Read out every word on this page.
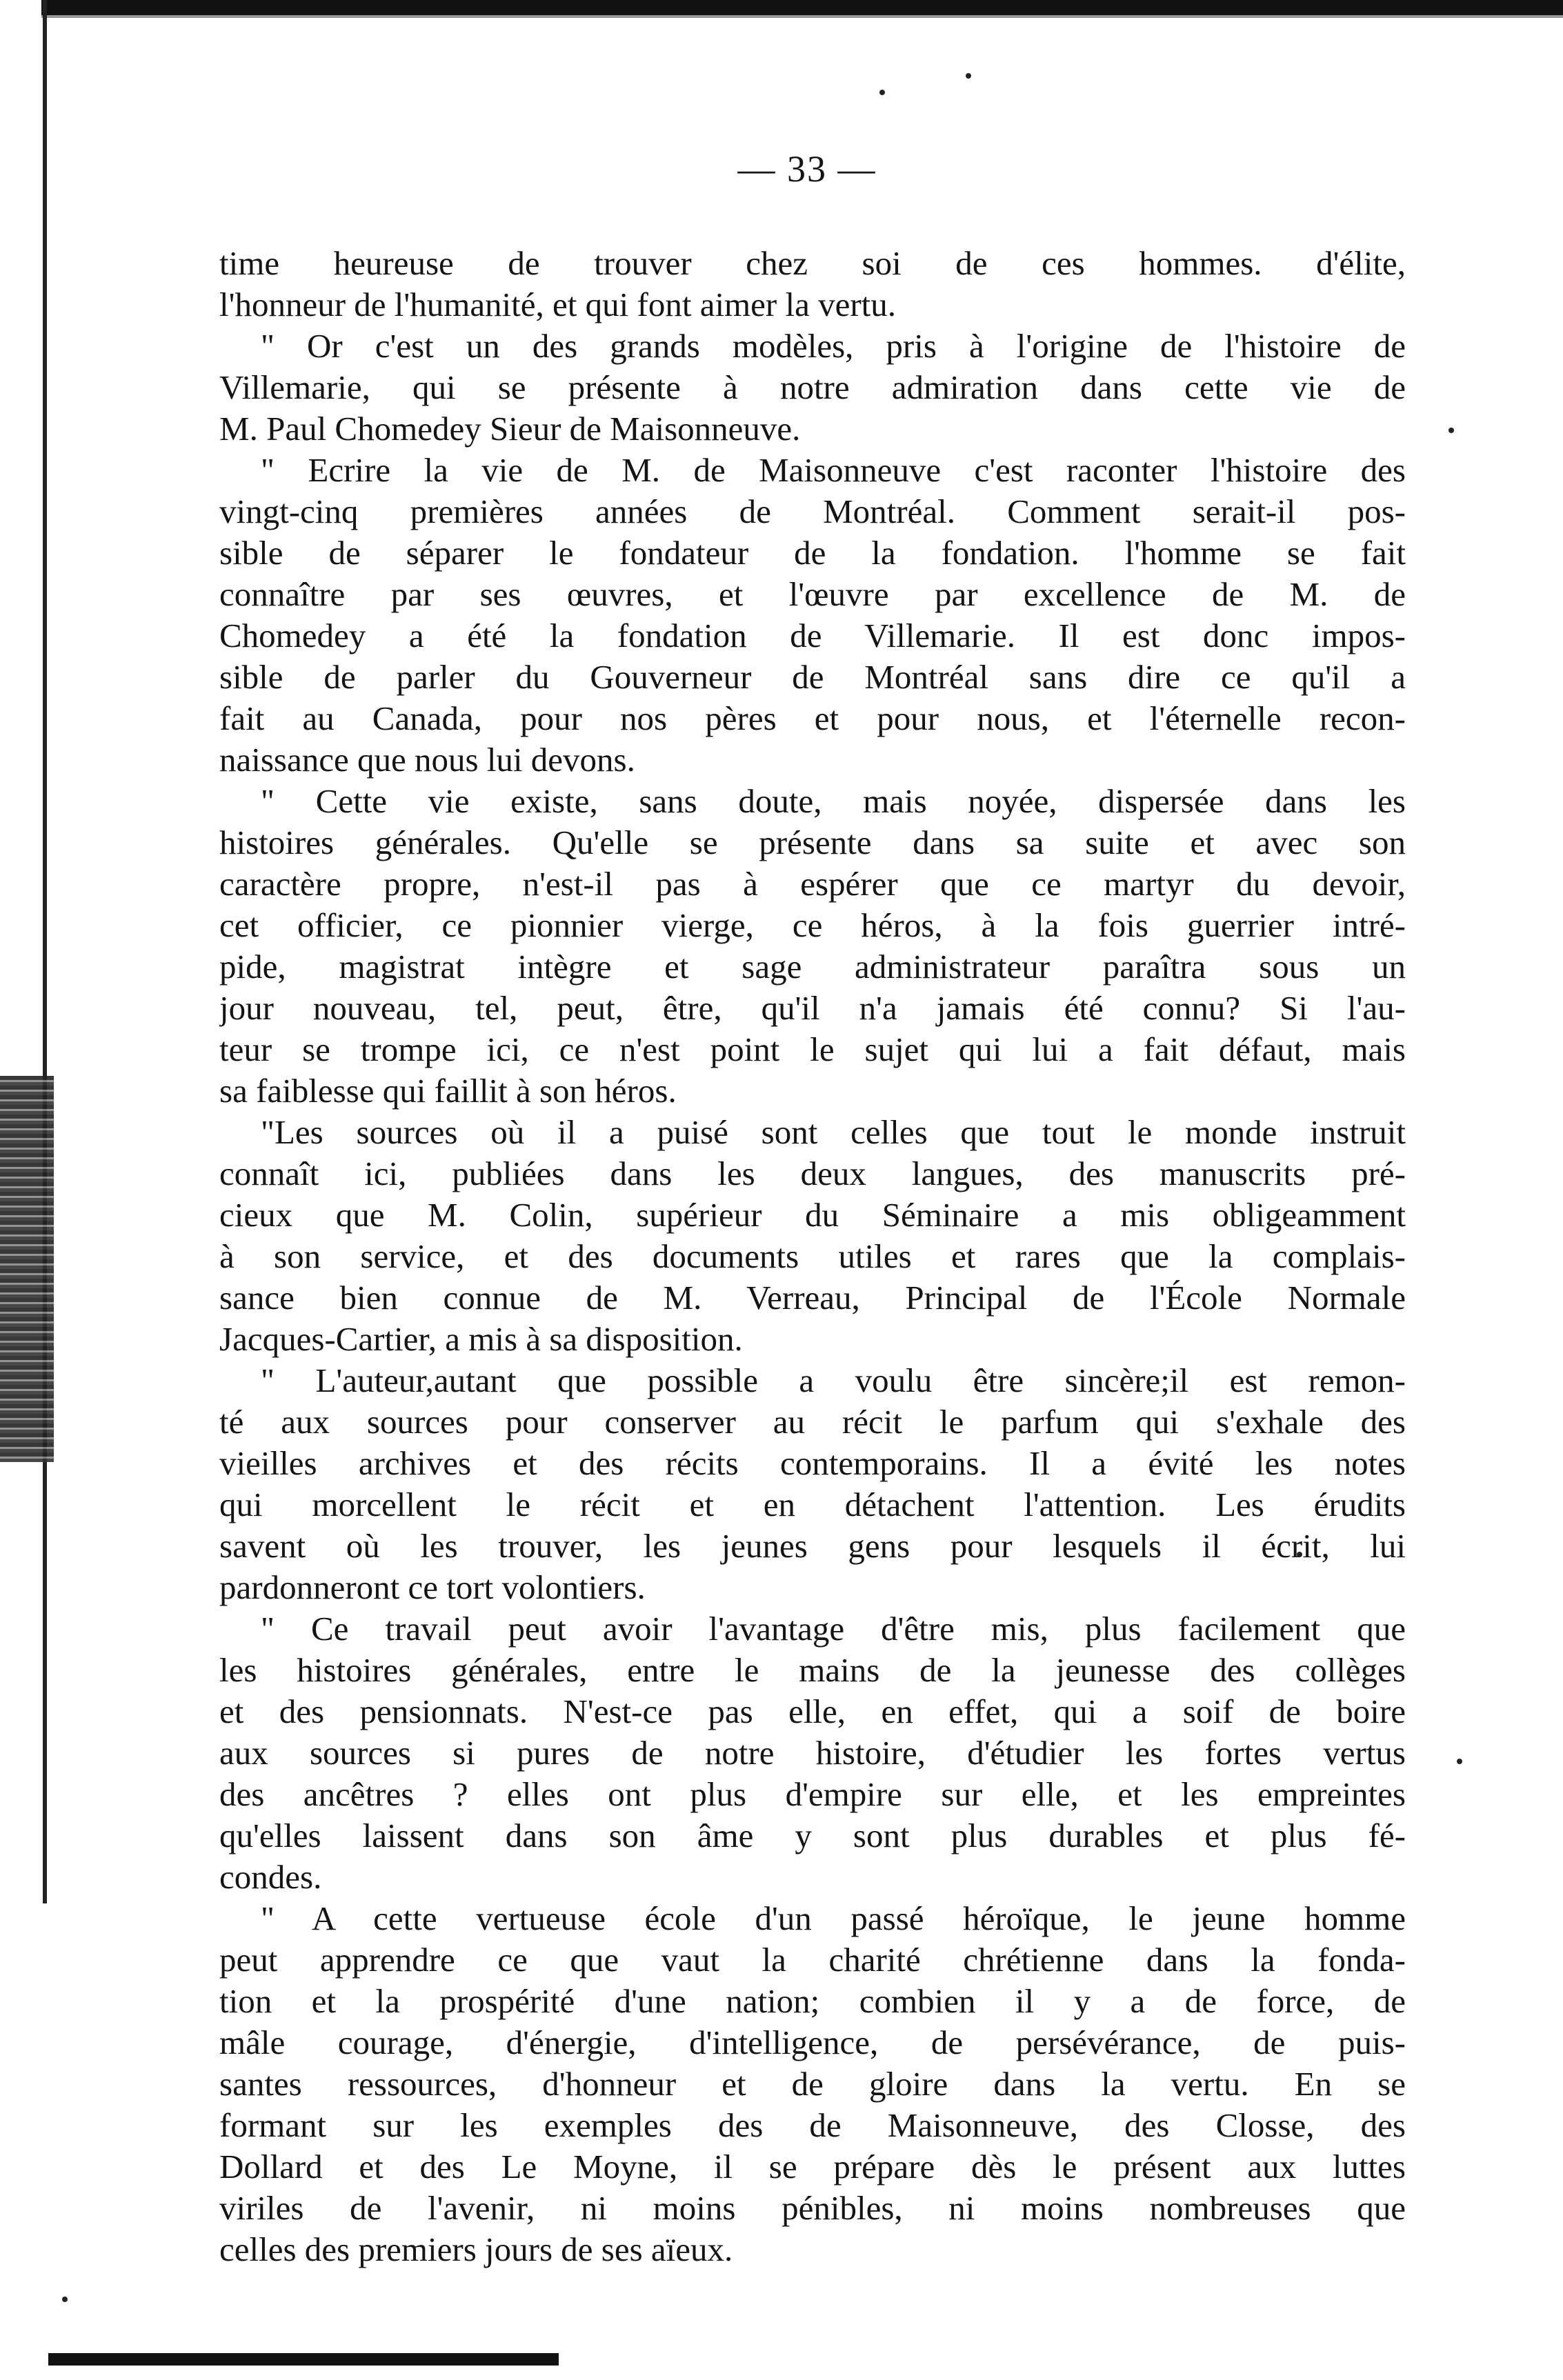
— 33 —
time heureuse de trouver chez soi de ces hommes. d'élite,
l'honneur de l'humanité, et qui font aimer la vertu.
" Or c'est un des grands modèles, pris à l'origine de l'histoire de
Villemarie, qui se présente à notre admiration dans cette vie de
M. Paul Chomedey Sieur de Maisonneuve.
" Ecrire la vie de M. de Maisonneuve c'est raconter l'histoire des
vingt-cinq premières années de Montréal. Comment serait-il pos-
sible de séparer le fondateur de la fondation. l'homme se fait
connaître par ses œuvres, et l'œuvre par excellence de M. de
Chomedey a été la fondation de Villemarie. Il est donc impos-
sible de parler du Gouverneur de Montréal sans dire ce qu'il a
fait au Canada, pour nos pères et pour nous, et l'éternelle recon-
naissance que nous lui devons.
" Cette vie existe, sans doute, mais noyée, dispersée dans les
histoires générales. Qu'elle se présente dans sa suite et avec son
caractère propre, n'est-il pas à espérer que ce martyr du devoir,
cet officier, ce pionnier vierge, ce héros, à la fois guerrier intré-
pide, magistrat intègre et sage administrateur paraîtra sous un
jour nouveau, tel, peut, être, qu'il n'a jamais été connu? Si l'au-
teur se trompe ici, ce n'est point le sujet qui lui a fait défaut, mais
sa faiblesse qui faillit à son héros.
"Les sources où il a puisé sont celles que tout le monde instruit
connaît ici, publiées dans les deux langues, des manuscrits pré-
cieux que M. Colin, supérieur du Séminaire a mis obligeamment
à son service, et des documents utiles et rares que la complais-
sance bien connue de M. Verreau, Principal de l'École Normale
Jacques-Cartier, a mis à sa disposition.
" L'auteur,autant que possible a voulu être sincère;il est remon-
té aux sources pour conserver au récit le parfum qui s'exhale des
vieilles archives et des récits contemporains. Il a évité les notes
qui morcellent le récit et en détachent l'attention. Les érudits
savent où les trouver, les jeunes gens pour lesquels il écrit, lui
pardonneront ce tort volontiers.
" Ce travail peut avoir l'avantage d'être mis, plus facilement que
les histoires générales, entre le mains de la jeunesse des collèges
et des pensionnats. N'est-ce pas elle, en effet, qui a soif de boire
aux sources si pures de notre histoire, d'étudier les fortes vertus
des ancêtres ? elles ont plus d'empire sur elle, et les empreintes
qu'elles laissent dans son âme y sont plus durables et plus fé-
condes.
" A cette vertueuse école d'un passé héroïque, le jeune homme
peut apprendre ce que vaut la charité chrétienne dans la fonda-
tion et la prospérité d'une nation; combien il y a de force, de
mâle courage, d'énergie, d'intelligence, de persévérance, de puis-
santes ressources, d'honneur et de gloire dans la vertu. En se
formant sur les exemples des de Maisonneuve, des Closse, des
Dollard et des Le Moyne, il se prépare dès le présent aux luttes
viriles de l'avenir, ni moins pénibles, ni moins nombreuses que
celles des premiers jours de ses aïeux.
